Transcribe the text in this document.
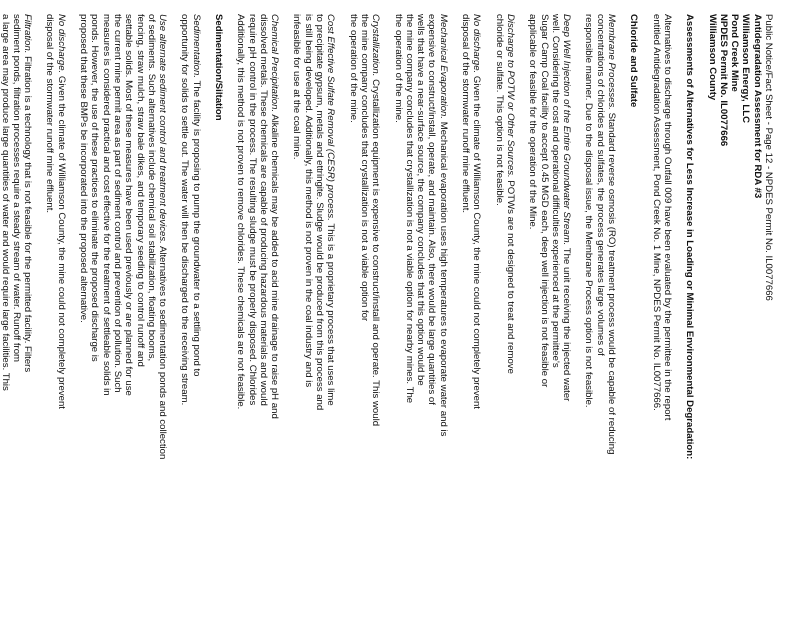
Public Notice/Fact Sheet - Page 12 - NPDES Permit No. IL0077666
Antidegradation Assessment for RDA #3
Williamson Energy, LLC
Pond Creek Mine
NPDES Permit No. IL0077666
Williamson County
Assessments of Alternatives for Less Increase in Loading or Minimal Environmental Degradation:
Alternatives to discharge through Outfall 009 have been evaluated by the permittee in the report
entitled Antidegradation Assessment, Pond Creek No. 1 Mine, NPDES Permit No. IL0077666.
Chloride and Sulfate
Membrane Processes. Standard reverse osmosis (RO) treatment process would be capable of reducing
concentrations of chlorides and sulfates, the process generates large volumes of
responsible manner. Due to the disposal issue, the Membrane Process option is not feasible.
Deep Well Injection of the Entire Groundwater Stream. The unit receiving the injected water
well. Considering the cost and operational difficulties experienced at the permittee's
Sugar Camp Coal facility to accept 0.45 MGD each, deep well injection is not feasible or
applicable or feasible for the operation of the Mine.
Discharge to POTW or Other Sources. POTWs are not designed to treat and remove
chloride or sulfate. This option is not feasible.
No discharge. Given the climate of Williamson County, the mine could not completely prevent
disposal of the stormwater runoff mine effluent.
Mechanical Evaporation. Mechanical evaporation uses high temperatures to evaporate water and is
expensive to construct/install, operate, and maintain. Also, there would be large quantities of
wells that have a near-surface source, the company concludes that this option would be
the mine company concludes that crystallization is not a viable option for nearby mines. The
the operation of the mine.
Crystallization. Crystallization equipment is expensive to construct/install and operate. This would
the mine company concludes that crystallization is not a viable option for
the operation of the mine.
Cost Effective Sulfate Removal (CESR) process. This is a proprietary process that uses lime
to precipitate gypsum, metals and ettringite. Sludge would be produced from this process and
is still being developed. Additionally, this method is not proven in the coal industry and is
infeasible for use at the coal mine.
Chemical Precipitation. Alkaline chemicals may be added to acid mine drainage to raise pH and
dissolved metals. These chemicals are capable of producing hazardous materials and would
require pH control in the process. The resulting sludge must be properly disposed. Chlorides
Additionally, this method is not proven to remove chlorides. These chemicals are not feasible.
Sedimentation/Siltation
Sedimentation. The facility is proposing to pump the groundwater to a settling pond to
opportunity for solids to settle out. The water will then be discharged to the receiving stream.
Use alternate sediment control and treatment devices. Alternatives to sedimentation ponds and collection
of sediments. Such alternatives include chemical soil stabilization, floating booms,
fencing, straw mulch, straw bale dikes, and temporary seeding to control runoff and
settable solids. Most of these measures have been used previously or are planned for use
the current mine permit area as part of sediment control and prevention of pollution. Such
measures is considered practical and cost effective for the treatment of settleable solids in
ponds. However, the use of these practices to eliminate the proposed discharge is
proposed that these BMPs be incorporated into the proposed alternative.
No discharge. Given the climate of Williamson County, the mine could not completely prevent
disposal of the stormwater runoff mine effluent.
Filtration. Filtration is a technology that is not feasible for the permitted facility. Filters
sediment ponds, filtration processes require a steady stream of water. Runoff from
a large area may produce large quantities of water and would require large facilities. This
